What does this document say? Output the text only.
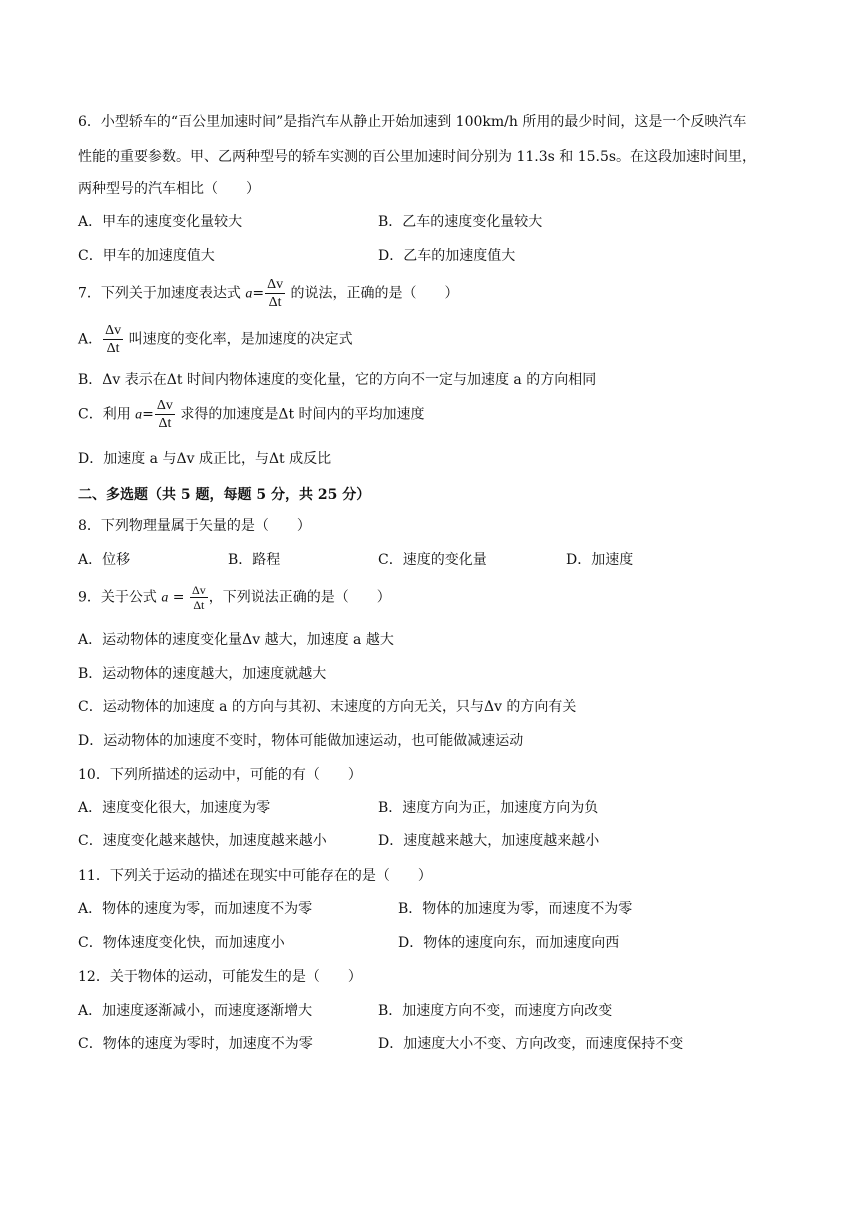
6．小型轿车的“百公里加速时间”是指汽车从静止开始加速到 100km/h 所用的最少时间，这是一个反映汽车
性能的重要参数。甲、乙两种型号的轿车实测的百公里加速时间分别为 11.3s 和 15.5s。在这段加速时间里，
两种型号的汽车相比（　　）
A．甲车的速度变化量较大	B．乙车的速度变化量较大
C．甲车的加速度值大	D．乙车的加速度值大
7．下列关于加速度表达式 $a= \frac{\Delta v}{\Delta t}$ 的说法，正确的是（　　）
A． $\frac{\Delta v}{\Delta t}$ 叫速度的变化率，是加速度的决定式
B．Δv 表示在Δt 时间内物体速度的变化量，它的方向不一定与加速度 a 的方向相同
C．利用 $a= \frac{\Delta v}{\Delta t}$ 求得的加速度是Δt 时间内的平均加速度
D．加速度 a 与Δv 成正比，与Δt 成反比
二、多选题（共 5 题，每题 5 分，共 25 分）
8．下列物理量属于矢量的是（　　）
A．位移	B．路程	C．速度的变化量	D．加速度
9．关于公式 $a = \frac{\Delta v}{\Delta t}$ ，下列说法正确的是（　　）
A．运动物体的速度变化量Δv 越大，加速度 a 越大
B．运动物体的速度越大，加速度就越大
C．运动物体的加速度 a 的方向与其初、末速度的方向无关，只与Δv 的方向有关
D．运动物体的加速度不变时，物体可能做加速运动，也可能做减速运动
10．下列所描述的运动中，可能的有（　　）
A．速度变化很大，加速度为零	B．速度方向为正，加速度方向为负
C．速度变化越来越快，加速度越来越小	D．速度越来越大，加速度越来越小
11．下列关于运动的描述在现实中可能存在的是（　　）
A．物体的速度为零，而加速度不为零	B．物体的加速度为零，而速度不为零
C．物体速度变化快，而加速度小	D．物体的速度向东，而加速度向西
12．关于物体的运动，可能发生的是（　　）
A．加速度逐渐减小，而速度逐渐增大	B．加速度方向不变，而速度方向改变
C．物体的速度为零时，加速度不为零	D．加速度大小不变、方向改变，而速度保持不变
